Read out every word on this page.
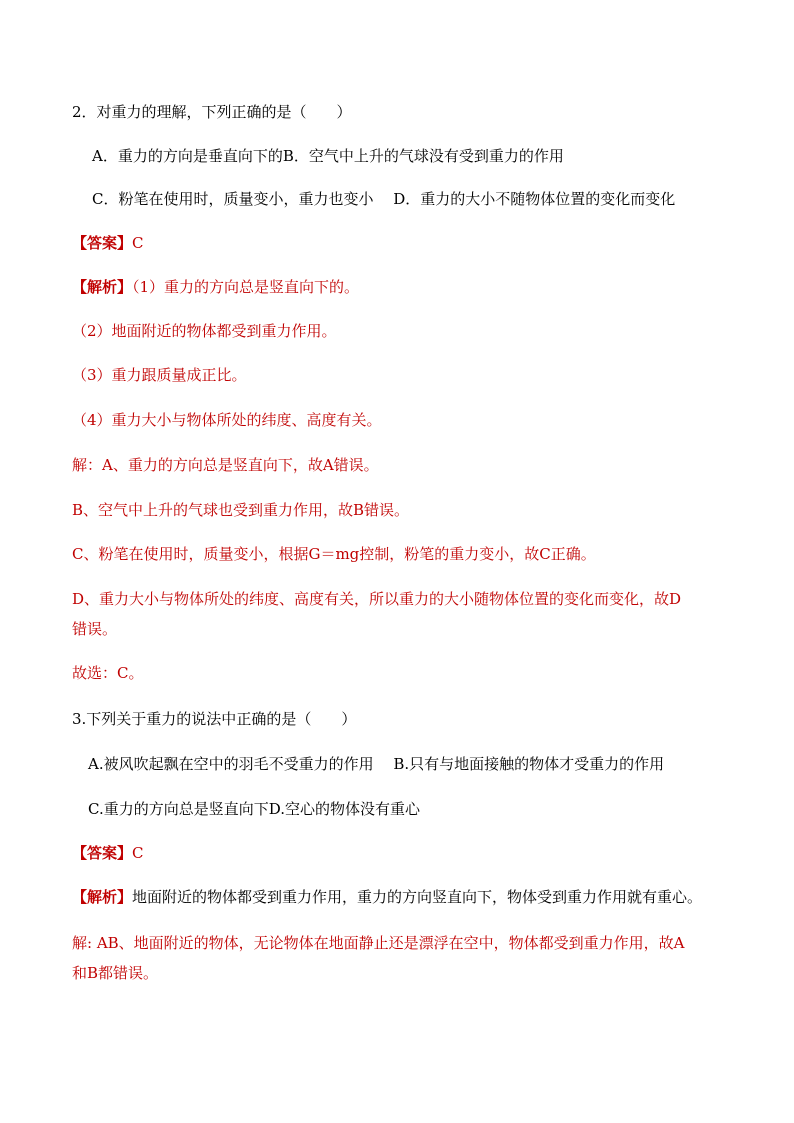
2．对重力的理解，下列正确的是（　　）
A．重力的方向是垂直向下的B．空气中上升的气球没有受到重力的作用
C．粉笔在使用时，质量变小，重力也变小　 D．重力的大小不随物体位置的变化而变化
【答案】C
【解析】（1）重力的方向总是竖直向下的。
（2）地面附近的物体都受到重力作用。
（3）重力跟质量成正比。
（4）重力大小与物体所处的纬度、高度有关。
解：A、重力的方向总是竖直向下，故A错误。
B、空气中上升的气球也受到重力作用，故B错误。
C、粉笔在使用时，质量变小，根据G＝mg控制，粉笔的重力变小，故C正确。
D、重力大小与物体所处的纬度、高度有关，所以重力的大小随物体位置的变化而变化，故D
错误。
故选：C。
3.下列关于重力的说法中正确的是（　　）
A.被风吹起飘在空中的羽毛不受重力的作用　 B.只有与地面接触的物体才受重力的作用
C.重力的方向总是竖直向下D.空心的物体没有重心
【答案】C
【解析】地面附近的物体都受到重力作用，重力的方向竖直向下，物体受到重力作用就有重心。
解: AB、地面附近的物体，无论物体在地面静止还是漂浮在空中，物体都受到重力作用，故A
和B都错误。
